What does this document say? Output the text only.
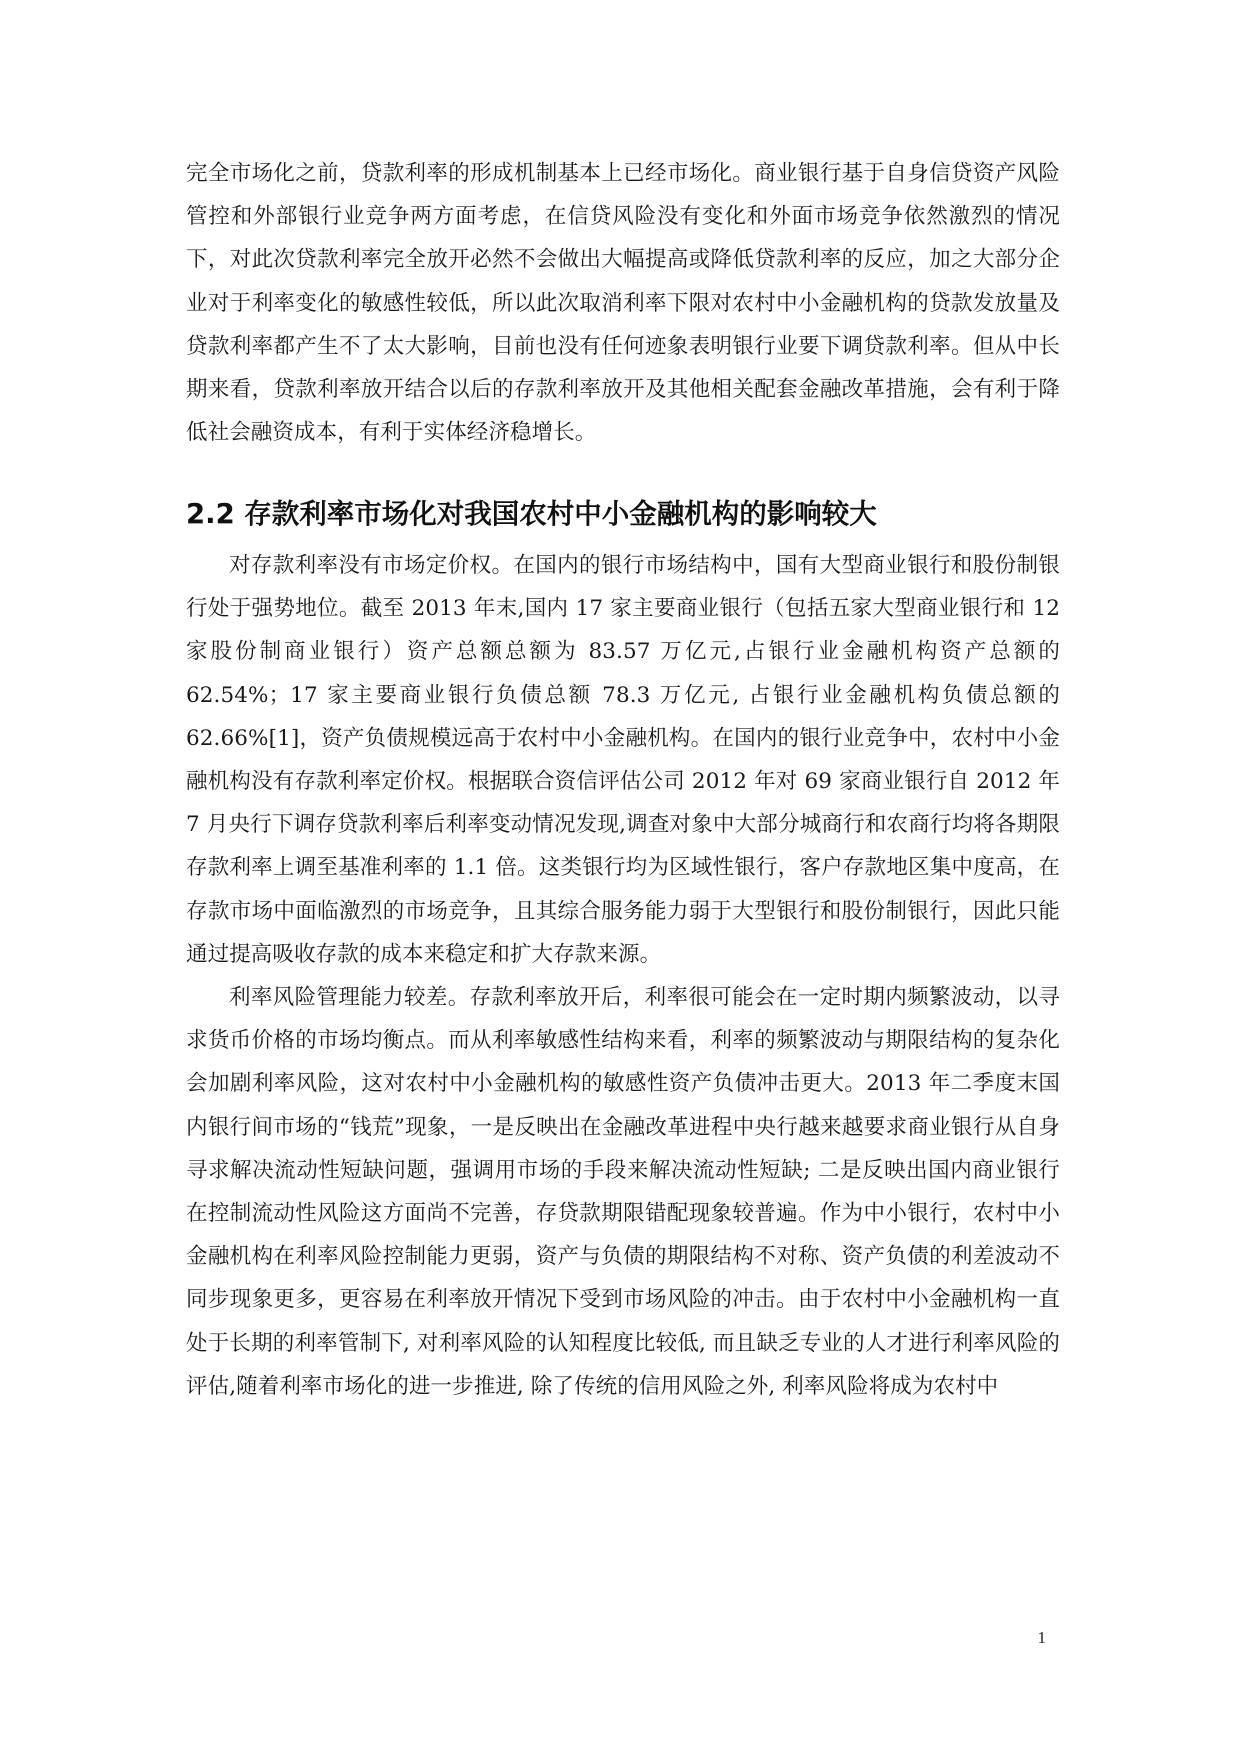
完全市场化之前，贷款利率的形成机制基本上已经市场化。商业银行基于自身信贷资产风险管控和外部银行业竞争两方面考虑，在信贷风险没有变化和外面市场竞争依然激烈的情况下，对此次贷款利率完全放开必然不会做出大幅提高或降低贷款利率的反应，加之大部分企业对于利率变化的敏感性较低，所以此次取消利率下限对农村中小金融机构的贷款发放量及贷款利率都产生不了太大影响，目前也没有任何迹象表明银行业要下调贷款利率。但从中长期来看，贷款利率放开结合以后的存款利率放开及其他相关配套金融改革措施，会有利于降低社会融资成本，有利于实体经济稳增长。

2.2 存款利率市场化对我国农村中小金融机构的影响较大

对存款利率没有市场定价权。在国内的银行市场结构中，国有大型商业银行和股份制银行处于强势地位。截至 2013 年末,国内 17 家主要商业银行（包括五家大型商业银行和 12 家股份制商业银行）资产总额总额为 83.57 万亿元,占银行业金融机构资产总额的 62.54%；17 家主要商业银行负债总额 78.3 万亿元, 占银行业金融机构负债总额的 62.66%[1]，资产负债规模远高于农村中小金融机构。在国内的银行业竞争中，农村中小金融机构没有存款利率定价权。根据联合资信评估公司 2012 年对 69 家商业银行自 2012 年 7 月央行下调存贷款利率后利率变动情况发现,调查对象中大部分城商行和农商行均将各期限存款利率上调至基准利率的 1.1 倍。这类银行均为区域性银行，客户存款地区集中度高，在存款市场中面临激烈的市场竞争，且其综合服务能力弱于大型银行和股份制银行，因此只能通过提高吸收存款的成本来稳定和扩大存款来源。

利率风险管理能力较差。存款利率放开后，利率很可能会在一定时期内频繁波动，以寻求货币价格的市场均衡点。而从利率敏感性结构来看，利率的频繁波动与期限结构的复杂化会加剧利率风险，这对农村中小金融机构的敏感性资产负债冲击更大。2013 年二季度末国内银行间市场的“钱荒”现象，一是反映出在金融改革进程中央行越来越要求商业银行从自身寻求解决流动性短缺问题，强调用市场的手段来解决流动性短缺; 二是反映出国内商业银行在控制流动性风险这方面尚不完善，存贷款期限错配现象较普遍。作为中小银行，农村中小金融机构在利率风险控制能力更弱，资产与负债的期限结构不对称、资产负债的利差波动不同步现象更多，更容易在利率放开情况下受到市场风险的冲击。由于农村中小金融机构一直处于长期的利率管制下, 对利率风险的认知程度比较低, 而且缺乏专业的人才进行利率风险的评估,随着利率市场化的进一步推进, 除了传统的信用风险之外, 利率风险将成为农村中

1
